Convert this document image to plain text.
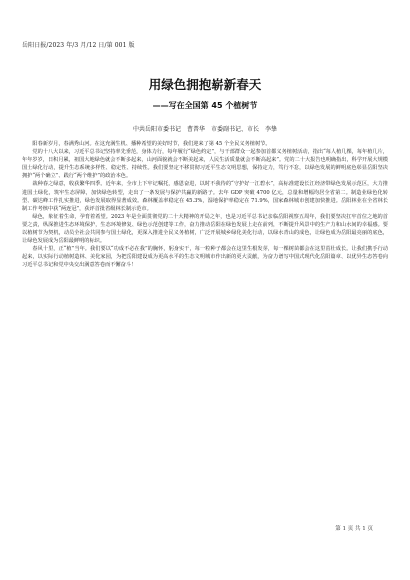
岳阳日报/2023 年/3 月/12 日/第 001 版
用绿色拥抱崭新春天
——写在全国第 45 个植树节
中共岳阳市委书记　曹普华　市委副书记、市长　李挚

阳春新岁月，春满秀山河。在这充满生机、播种希望的美好时节，我们迎来了第 45 个全民义务植树节。

党的十八大以来，习近平总书记坚持率先垂范，身体力行，每年履行“绿色约定”，与干部群众一起参加首都义务植树活动，指出“每人植几棵，每年植几片，年年岁岁，日积月累，祖国大地绿色就会不断多起来，山河面貌就会不断美起来，人民生活质量就会不断高起来”。党的二十大报告也明确指出，科学开展大规模国土绿化行动，提升生态系统多样性、稳定性、持续性。我们要坚定不移贯彻习近平生态文明思想，保持定力，笃行不怠，以绿色发展的鲜明底色彰显岳阳坚决拥护“两个确立”、践行“两个维护”的政治本色。

栽种春之绿意，收获繁华四季。近年来，全市上下牢记嘱托，感恩奋进，以时不我待的“守护好一江碧水”，高标准建设长江经济带绿色发展示范区，大力推进国土绿化，筑牢生态屏障，加快绿色转型，走出了一条发展与保护共赢的新路子。去年 GDP 突破 4700 亿元，总量和增幅均居全省第二。制造业绿色化转型、碳达峰工作扎实推进，绿色发展取得显著成效。森林覆盖率稳定在 45.3%，湿地保护率稳定在 71.9%，国家森林城市创建加快推进。岳阳林业在全省林长制工作考核中获“两连冠”，获评首批省级林长制示范市。

绿色，象征着生命，孕育着希望。2023 年是全面贯彻党的二十大精神的开局之年，也是习近平总书记亲临岳阳视察五周年，我们要坚决扛牢首位之地的首要之责，纵深推进生态环境保护，生态环境修复、绿色示范创建等工作，奋力推动岳阳在绿色发展上走在前列，不断提升风景中的生产力和山水间的幸福感。要以植树节为契机，动员全社会共同参与国土绿化，更深入推进全民义务植树，广泛开展城乡绿化美化行动，以绿水青山的成色，让绿色成为岳阳最亮丽的底色，让绿色发展成为岳阳最鲜明的标识。

春风十里，正“植”当年。我们要以“功成不必在我”的胸怀，躬身实干，每一粒种子都会在这里生根发芽，每一棵树苗都会在这里茁壮成长。让我们携手行动起来，以实际行动植树造林、美化家园，为把岳阳建设成为更高水平的生态文明城市作出新的更大贡献，为奋力谱写中国式现代化岳阳篇章、以优异生态答卷向习近平总书记和党中央交出满意答卷而不懈奋斗！

第 1 页 共 1 页
